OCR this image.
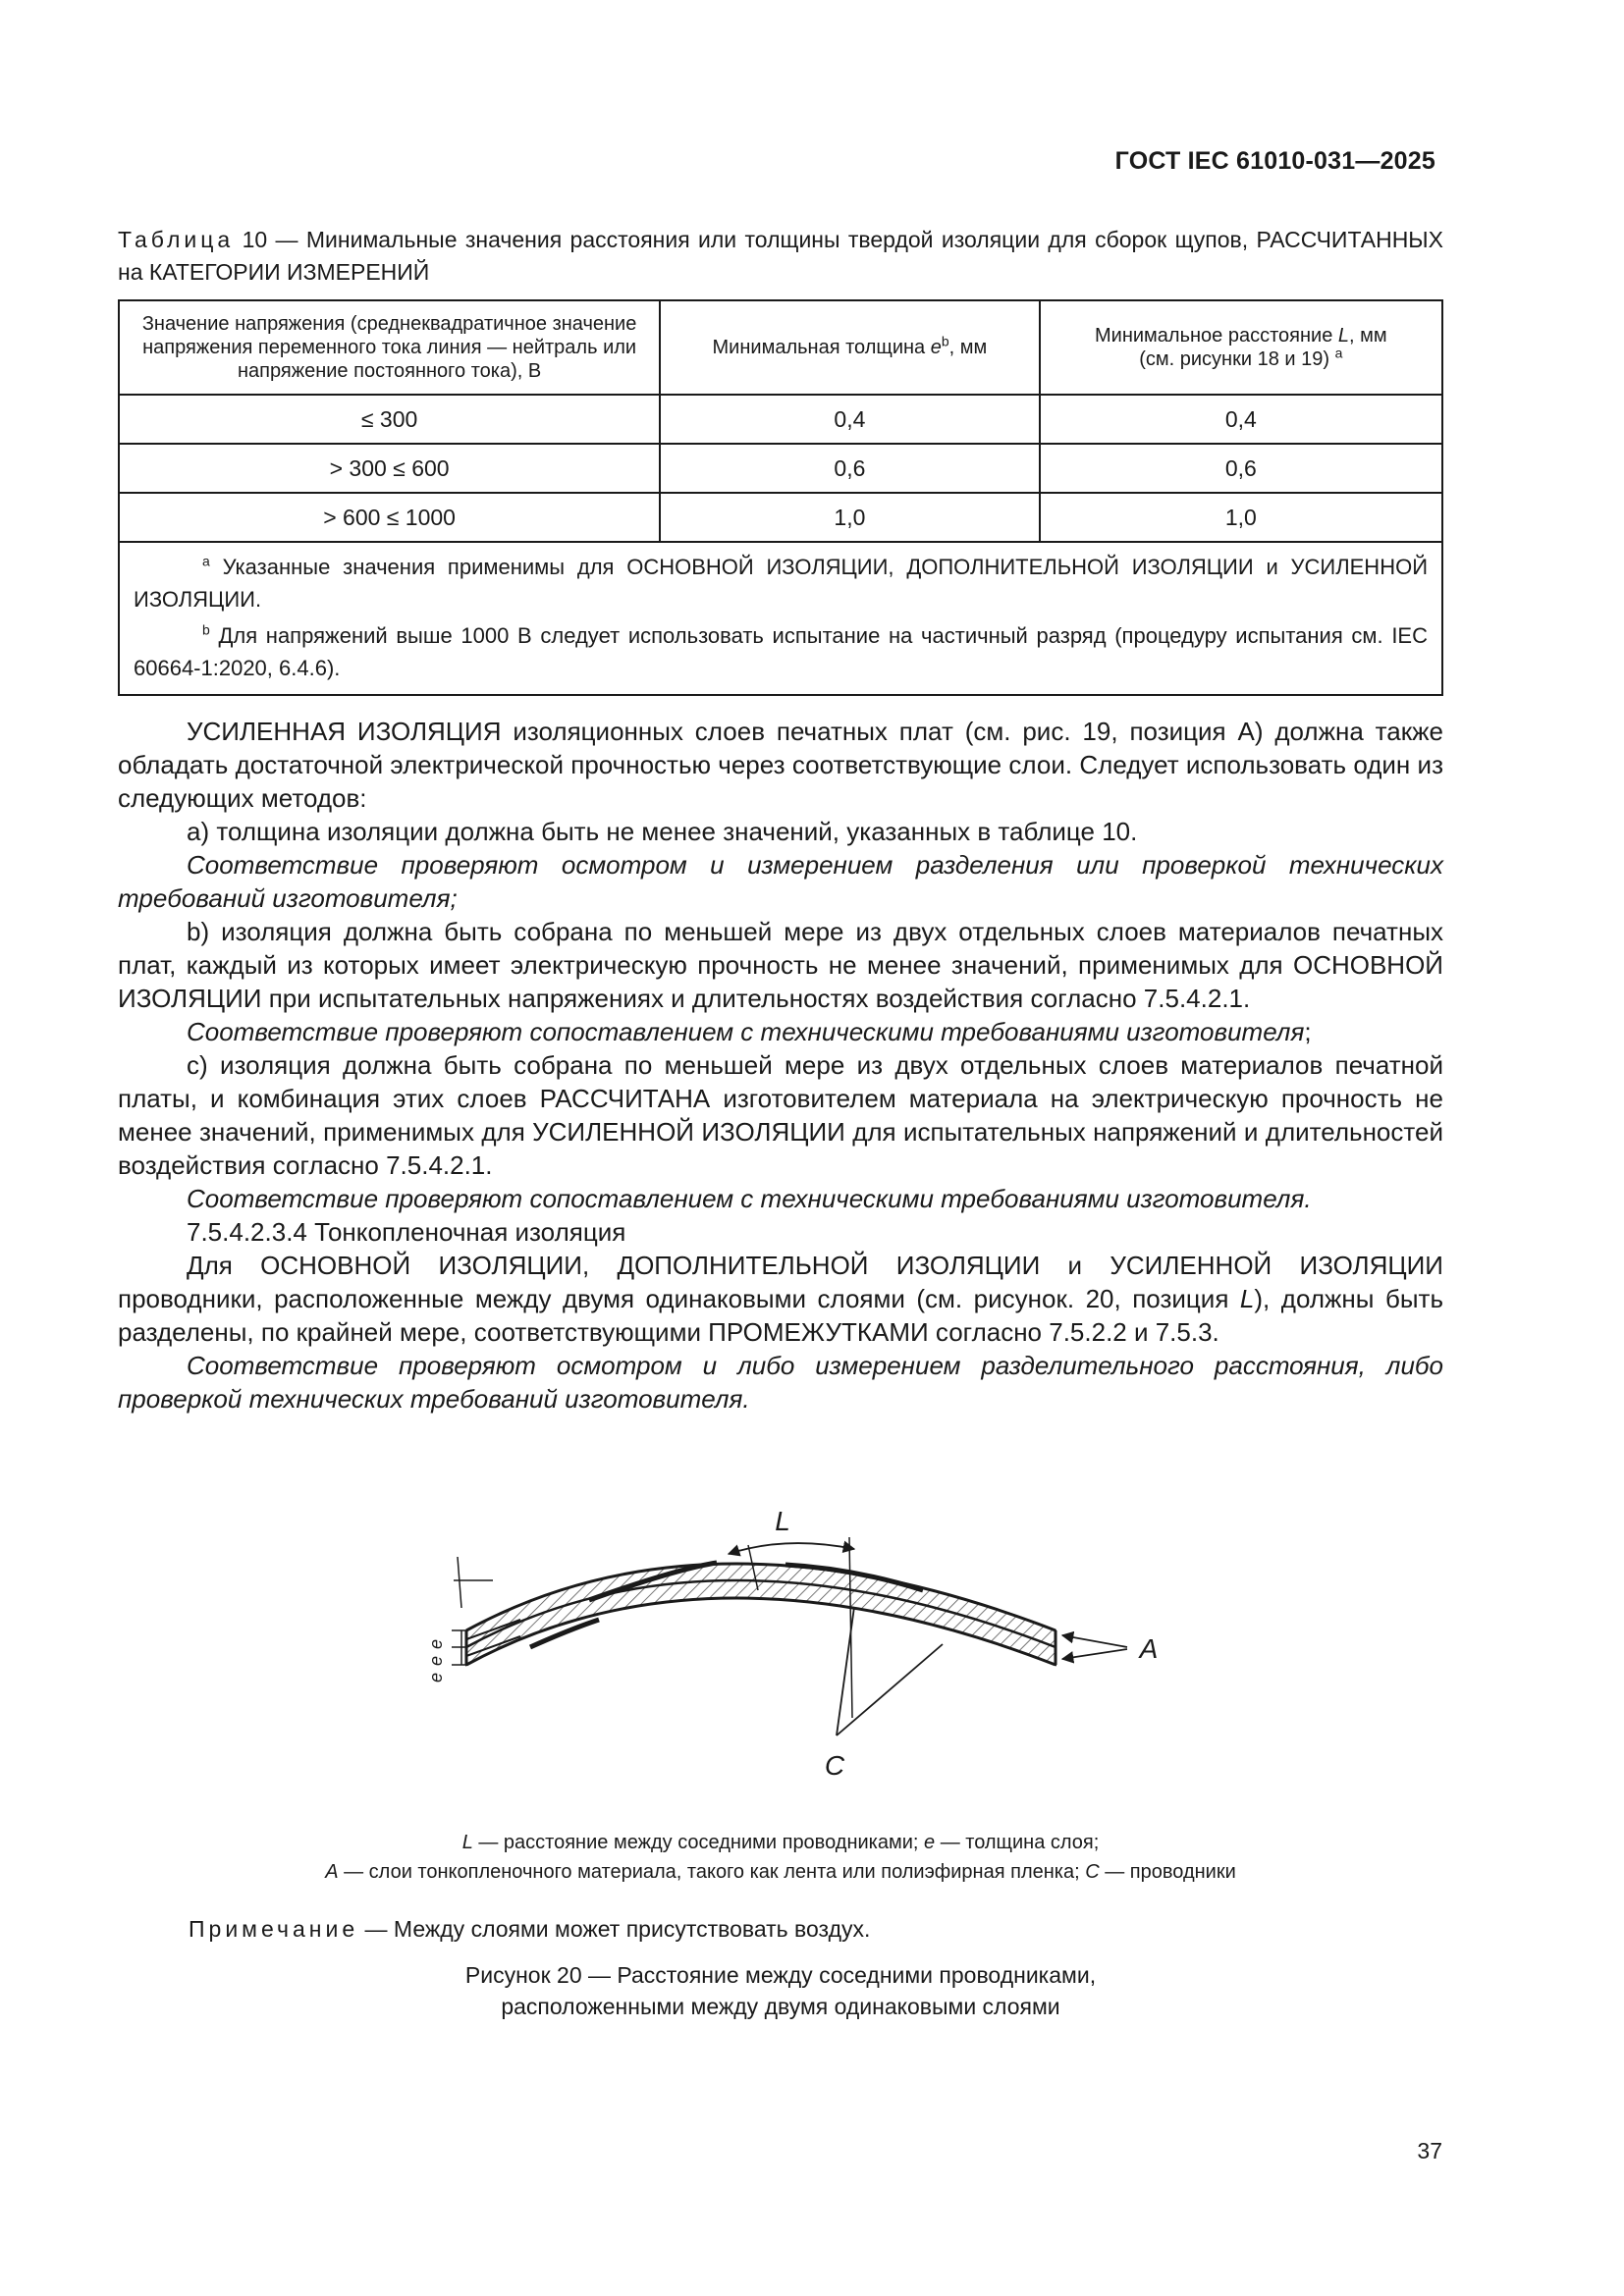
ГОСТ IEC 61010-031—2025
Таблица 10 — Минимальные значения расстояния или толщины твердой изоляции для сборок щупов, РАССЧИТАННЫХ на КАТЕГОРИИ ИЗМЕРЕНИЙ
Значение напряжения (среднеквадратичное значение напряжения переменного тока линия — нейтраль или напряжение постоянного тока), В	Минимальная толщина $e^b$, мм	Минимальное расстояние L, мм
(см. рисунки 18 и 19) $^a$
≤ 300	0,4	0,4
> 300 ≤ 600	0,6	0,6
> 600 ≤ 1000	1,0	1,0

$^a$ Указанные значения применимы для ОСНОВНОЙ ИЗОЛЯЦИИ, ДОПОЛНИТЕЛЬНОЙ ИЗОЛЯЦИИ и УСИЛЕННОЙ ИЗОЛЯЦИИ.
$^b$ Для напряжений выше 1000 В следует использовать испытание на частичный разряд (процедуру испытания см. IEC 60664-1:2020, 6.4.6).		

УСИЛЕННАЯ ИЗОЛЯЦИЯ изоляционных слоев печатных плат (см. рис. 19, позиция А) должна также обладать достаточной электрической прочностью через соответствующие слои. Следует использовать один из следующих методов:

a) толщина изоляции должна быть не менее значений, указанных в таблице 10.

Соответствие проверяют осмотром и измерением разделения или проверкой технических требований изготовителя;

b) изоляция должна быть собрана по меньшей мере из двух отдельных слоев материалов печатных плат, каждый из которых имеет электрическую прочность не менее значений, применимых для ОСНОВНОЙ ИЗОЛЯЦИИ при испытательных напряжениях и длительностях воздействия согласно 7.5.4.2.1.

Соответствие проверяют сопоставлением с техническими требованиями изготовителя;

c) изоляция должна быть собрана по меньшей мере из двух отдельных слоев материалов печатной платы, и комбинация этих слоев РАССЧИТАНА изготовителем материала на электрическую прочность не менее значений, применимых для УСИЛЕННОЙ ИЗОЛЯЦИИ для испытательных напряжений и длительностей воздействия согласно 7.5.4.2.1.

Соответствие проверяют сопоставлением с техническими требованиями изготовителя.

7.5.4.2.3.4 Тонкопленочная изоляция

Для ОСНОВНОЙ ИЗОЛЯЦИИ, ДОПОЛНИТЕЛЬНОЙ ИЗОЛЯЦИИ и УСИЛЕННОЙ ИЗОЛЯЦИИ проводники, расположенные между двумя одинаковыми слоями (см. рисунок. 20, позиция L), должны быть разделены, по крайней мере, соответствующими ПРОМЕЖУТКАМИ согласно 7.5.2.2 и 7.5.3.

Соответствие проверяют осмотром и либо измерением разделительного расстояния, либо проверкой технических требований изготовителя.

L
e
e
e
A
C
L — расстояние между соседними проводниками; e — толщина слоя;
A — слои тонкопленочного материала, такого как лента или полиэфирная пленка; C — проводники
Примечание — Между слоями может присутствовать воздух.
Рисунок 20 — Расстояние между соседними проводниками,
расположенными между двумя одинаковыми слоями
37
